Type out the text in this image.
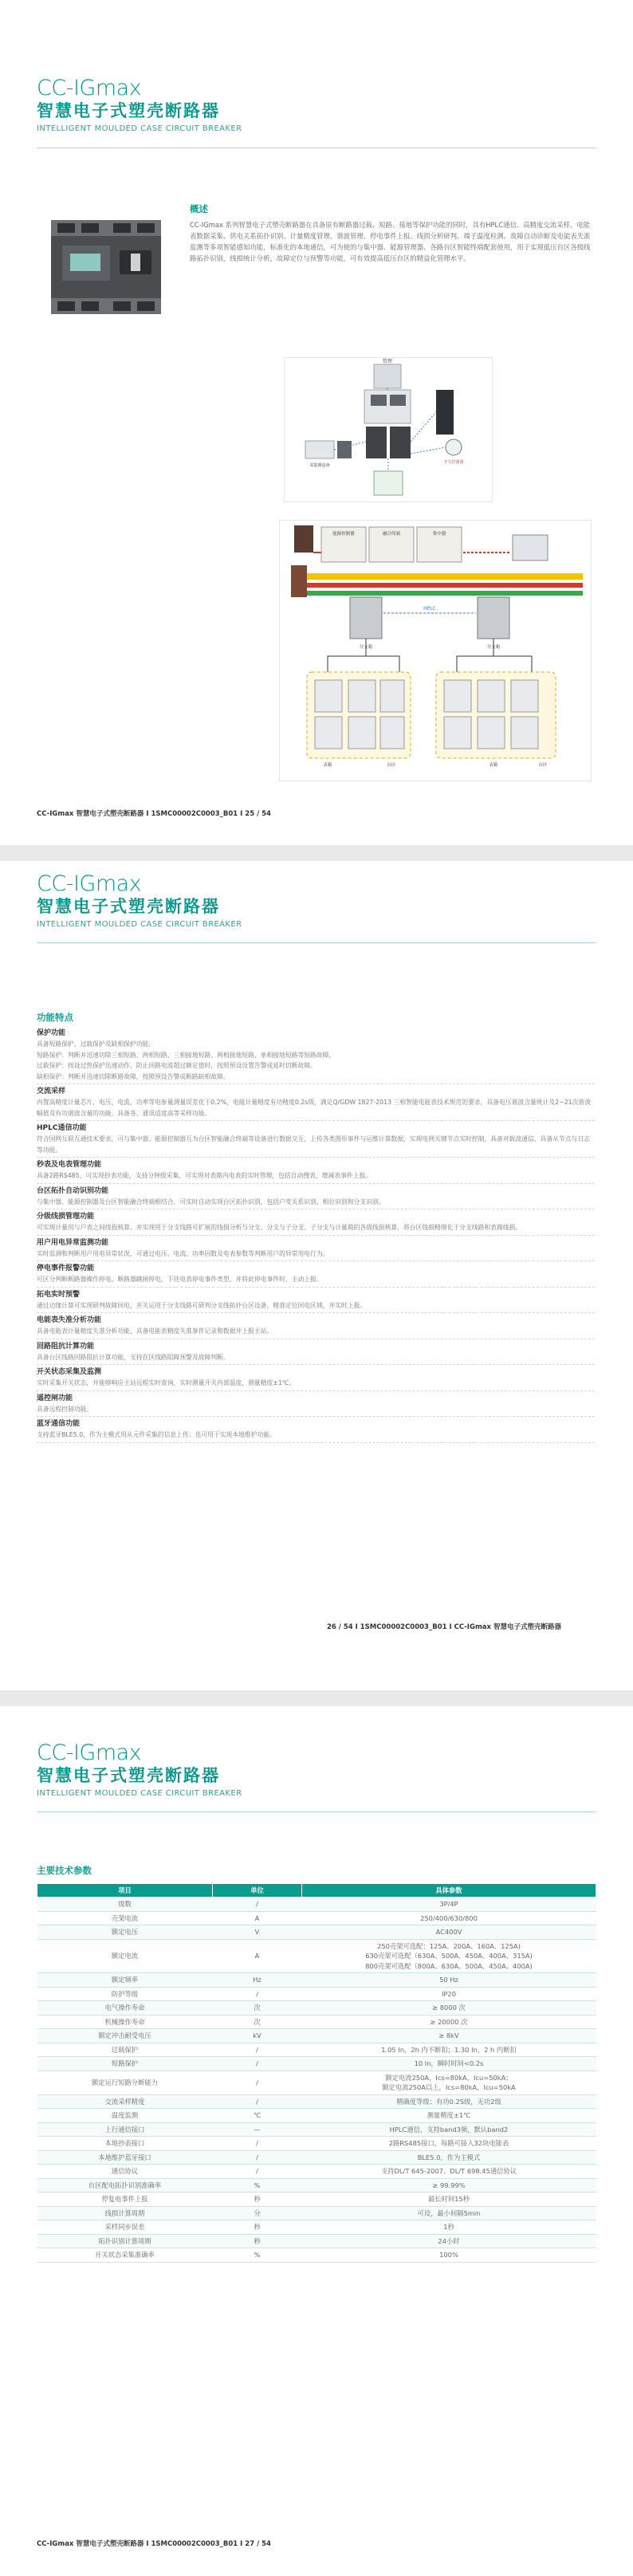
CC-IGmax
智慧电子式塑壳断路器
INTELLIGENT MOULDED CASE CIRCUIT BREAKER
概述
CC-IGmax 系列智慧电子式塑壳断路器在具备原有断路器过载、短路、接地等保护功能的同时，具有HPLC通信、高精度交流采样、电能表数据采集、供电关系拓扑识别、计量精度管理、谐波管理、停电事件上报、线损分析研判、端子温度检测、故障自动诊断及电能表失准监测等多项智能感知功能，标准化的本地通信，可为使的与集中器、能源管理器、各路台区智能终端配套使用，用于实现低压台区各级线路拓扑识别，线损统计分析，故障定位与预警等功能，可有效提高低压台区的精益化管理水平。
管理
开关控制器
采集器设备
能源控制器	融合终端	集中器
分支箱	分支箱
HPLC
表箱	表箱
台区	台区
CC-IGmax 智慧电子式塑壳断路器 I 1SMC00002C0003_B01 I 25 / 54
CC-IGmax
智慧电子式塑壳断路器
INTELLIGENT MOULDED CASE CIRCUIT BREAKER
功能特点
保护功能
具备短路保护、过载保护及缺相保护功能。
短路保护：判断并迅速切除三相短路、两相短路、三相接地短路、两相接地短路、单相接地短路等短路故障。
过载保护：按设过热保护迅速动作，防止回路电流超过额定值时，按照预设设置告警或延时切断故障。
缺相保护：判断并迅速切除断路故障，按照预设告警或断路缺相故障。
交流采样
内置高精度计量芯片，电压、电流、功率等电参量测量误差优于0.2%，电能计量精度有功精度0.2s级，满足Q/GDW 1827-2013 三相智能电能表技术规范的要求，具备电压谐波含量统计及2~21次谐波幅值及有功谐波含量的功能，具备各、通讯适度高等采样功能。
HPLC通信功能
符合国网互联互通技术要求，可与集中器、能源控制器互为台区智能融合终端等设备进行数据交互，上传各类图形事件与运维计算数据，实现电网关键节点实时控制，具备对载波通信、具备从节点与日志等功能。
秒表及电表管理功能
具备2路RS485，可实现抄表功能，支持分钟级采集，可实现对表箱内电表的实时管理，包括自动搜表，增减表事件上报。
台区拓扑自动识别功能
与集中器、能源控制器及台区智能融合终端相结合，可实时自动实现台区拓扑识别，包括户变关系识别，相位识别和分支识别。
分级线损管理功能
可实现计量用与户表之间线损核算，并实现用于分支线路可扩展的线损分析与分支、分支与子分支、子分支与计量箱的各级线损核算，将台区线损精细化于分支线路和表箱线损。
用户用电异常监测功能
实时监测和判断用户用电异常状况，可通过电压、电流、功率因数及电表参数等判断用户的异常用电行为。
停电事件报警功能
可区分判断断路器操作停电、断路器跳闸停电，下往电表停电事件类型，并将此停电事件时，主动上报。
拓电实时预警
通过边缘计算可实现研判故障回电，并关运用于分支线路可研判分支线拓扑台区设备，精准定位回电区域，并实时上报。
电能表失准分析功能
具备电能表计量精度失准分析功能，具备电能表精度失准事件记录和数据并上报主站。
回路阻抗计算功能
具备台区线路回路阻抗计算功能，支持在区线路阻障预警及故障判断。
开关状态采集及监测
实时采集开关状态，并能够响应主站远程实时查询，实时测量开关内部温度，测量精度±1℃。
遥控闸功能
具备远程控制功能。
蓝牙通信功能
支持蓝牙BLE5.0，作为主模式用从元件采集的信息上传；也可用于实现本地维护功能。
26 / 54 I 1SMC00002C0003_B01 I CC-IGmax 智慧电子式塑壳断路器
CC-IGmax
智慧电子式塑壳断路器
INTELLIGENT MOULDED CASE CIRCUIT BREAKER
主要技术参数
项目	单位	具体参数
级数	/	3P/4P
壳架电流	A	250/400/630/800
额定电压	V	AC400V
额定电流	A	250壳架可选配：125A、200A、160A、125A)
630壳架可选配（630A、500A、450A、400A、315A)
800壳架可选配（800A、630A、500A、450A、400A)
额定频率	Hz	50 Hz
防护等级	/	IP20
电气操作寿命	次	≥ 8000 次
机械操作寿命	次	≥ 20000 次
额定冲击耐受电压	kV	≥ 8kV
过载保护	/	1.05 In，2h 内不断扣；1.30 In，2 h 内断扣
短路保护	/	10 In，瞬时时间<0.2s
额定运行短路分断能力	/	额定电流250A，Ics=80kA，Icu=50kA；
额定电流250A以上，Ics=80kA，Icu=50kA
交流采样精度	/	精确度等级：有功0.2S级，无功2级
温度监测	℃	测量精度±1℃
上行通信接口	—	HPLC通信，支持band3频，默认band2
本地抄表接口	/	2路RS485接口，每路可接入32块电能表
本地维护蓝牙接口	/	BLE5.0，作为主模式
通信协议	/	支持DL/T 645-2007、DL/T 698.45通信协议
台区配电拓扑识别准确率	%	≥ 99.99%
停复电事件上报	秒	最长时间15秒
线损计算周期	分	可设，最小间隔5min
采样同步误差	秒	1秒
拓扑识别计算周期	秒	24小时
开关状态采集准确率	%	100%
CC-IGmax 智慧电子式塑壳断路器 I 1SMC00002C0003_B01 I 27 / 54
